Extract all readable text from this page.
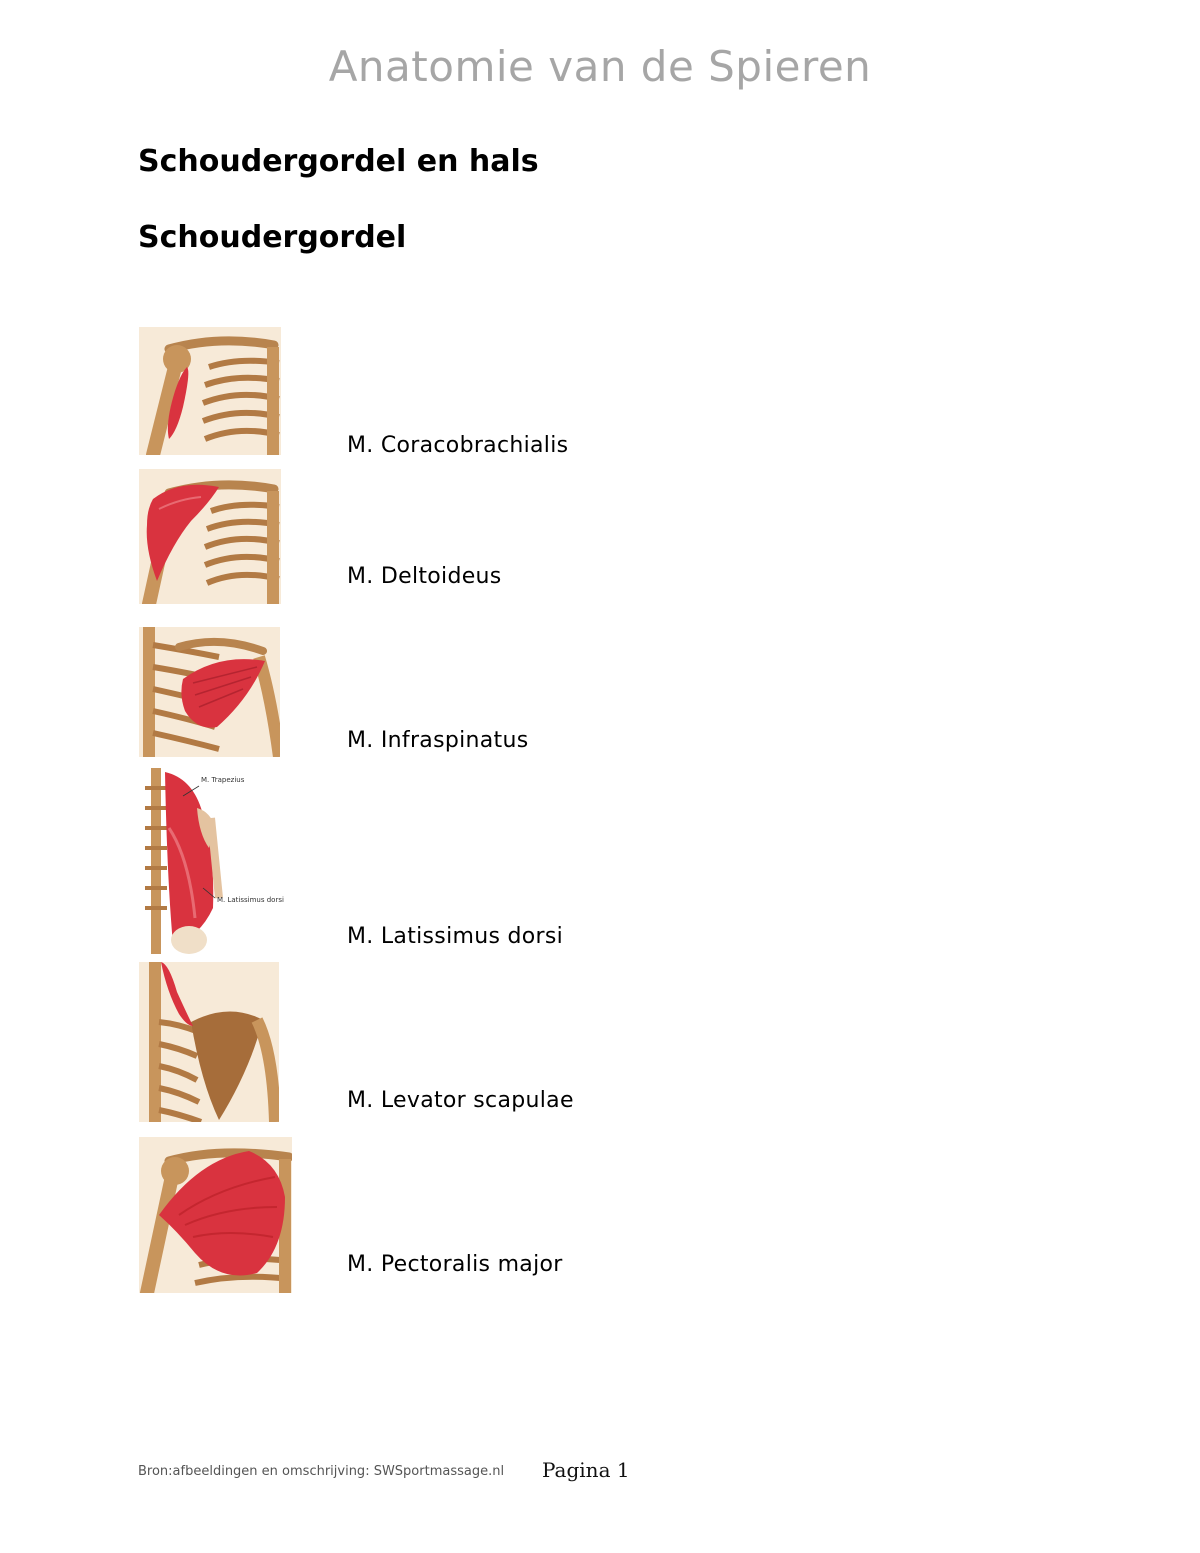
Anatomie van de Spieren
Schoudergordel en hals
Schoudergordel
M. Coracobrachialis
M. Deltoideus
M. Infraspinatus
M. Trapezius
M. Latissimus dorsi
M. Latissimus dorsi
M. Levator scapulae
M. Pectoralis major
Bron:afbeeldingen en omschrijving: SWSportmassage.nl Pagina 1
